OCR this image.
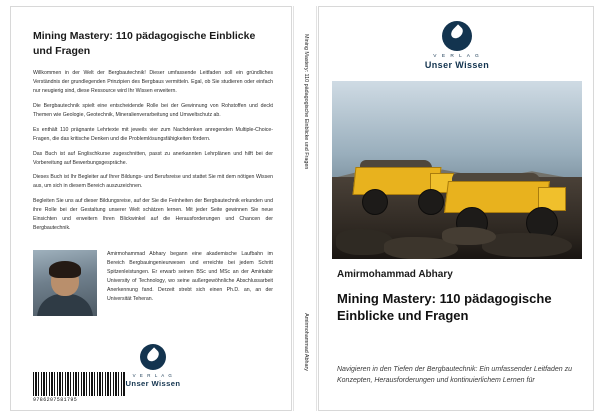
Mining Mastery: 110 pädagogische Einblicke und Fragen

Willkommen in der Welt der Bergbautechnik! Dieser umfassende Leitfaden soll ein gründliches Verständnis der grundlegenden Prinzipien des Bergbaus vermitteln. Egal, ob Sie studieren oder einfach nur neugierig sind, diese Ressource wird Ihr Wissen erweitern.

Die Bergbautechnik spielt eine entscheidende Rolle bei der Gewinnung von Rohstoffen und deckt Themen wie Geologie, Geotechnik, Mineralienverarbeitung und Umweltschutz ab.

Es enthält 110 prägnante Lehrtexte mit jeweils vier zum Nachdenken anregenden Multiple-Choice-Fragen, die das kritische Denken und die Problemlösungsfähigkeiten fördern.

Das Buch ist auf Englischkurse zugeschnitten, passt zu anerkannten Lehrplänen und hilft bei der Vorbereitung auf Bewerbungsgespräche.

Dieses Buch ist Ihr Begleiter auf Ihrer Bildungs- und Berufsreise und stattet Sie mit dem nötigen Wissen aus, um sich in diesem Bereich auszuzeichnen.

Begleiten Sie uns auf dieser Bildungsreise, auf der Sie die Feinheiten der Bergbautechnik erkunden und ihre Rolle bei der Gestaltung unserer Welt schätzen lernen. Mit jeder Seite gewinnen Sie neue Einsichten und erweitern Ihren Blickwinkel auf die Herausforderungen und Chancen der Bergbautechnik.

Amirmohammad Abhary begann eine akademische Laufbahn im Bereich Bergbauingenieurwesen und erreichte bei jedem Schritt Spitzenleistungen. Er erwarb seinen BSc und MSc an der Amirkabir University of Technology, wo seine außergewöhnliche Abschlussarbeit Anerkennung fand. Derzeit strebt sich einen Ph.D. an, an der Universität Teheran.
V E R L A G
Unser Wissen
9786207581795
Mining Mastery: 110 pädagogische Einblicke und Fragen
Amirmohammad Abhary
V E R L A G
Unser Wissen
Amirmohammad Abhary
Mining Mastery: 110 pädagogische Einblicke und Fragen
Navigieren in den Tiefen der Bergbautechnik: Ein umfassender Leitfaden zu Konzepten, Herausforderungen und kontinuierlichem Lernen für
